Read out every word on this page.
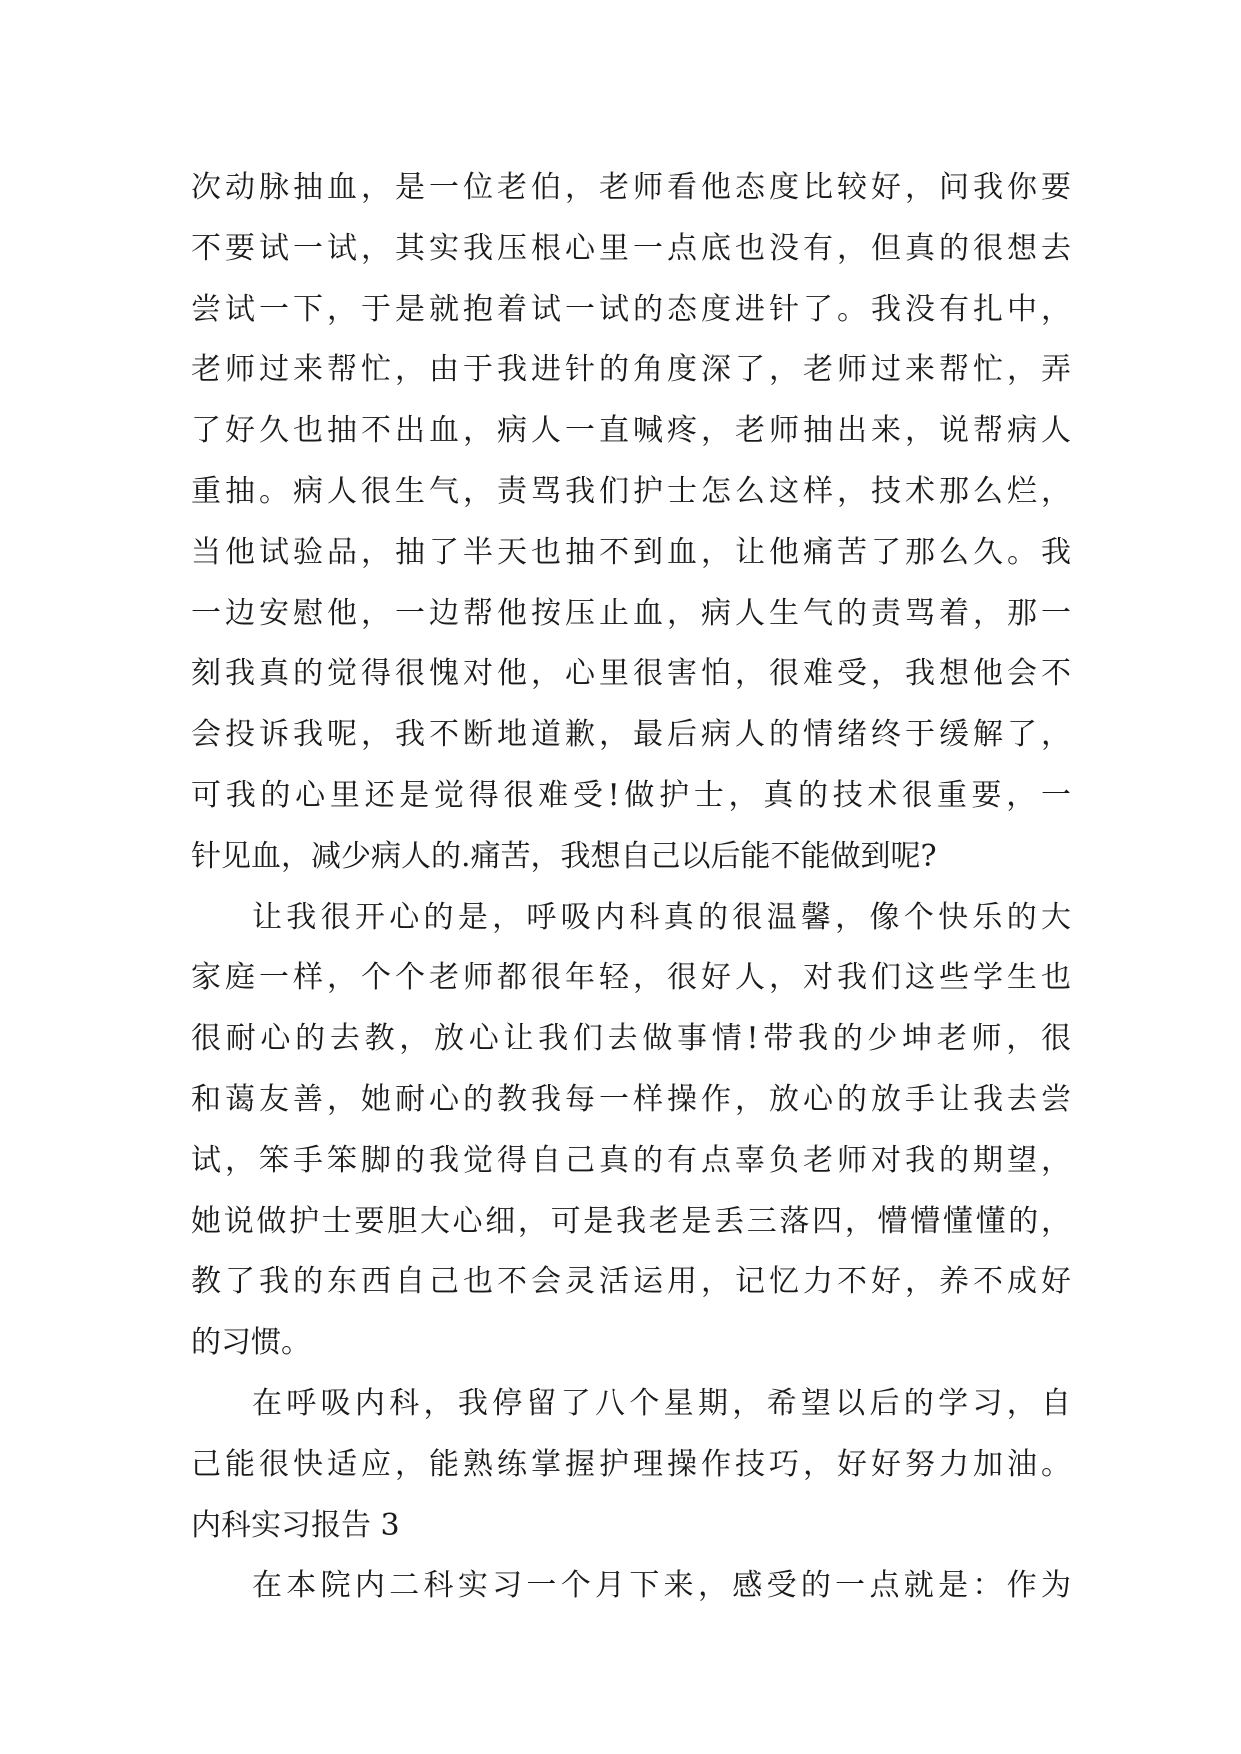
次动脉抽血，是一位老伯，老师看他态度比较好，问我你要
不要试一试，其实我压根心里一点底也没有，但真的很想去
尝试一下，于是就抱着试一试的态度进针了。我没有扎中，
老师过来帮忙，由于我进针的角度深了，老师过来帮忙，弄
了好久也抽不出血，病人一直喊疼，老师抽出来，说帮病人
重抽。病人很生气，责骂我们护士怎么这样，技术那么烂，
当他试验品，抽了半天也抽不到血，让他痛苦了那么久。我
一边安慰他，一边帮他按压止血，病人生气的责骂着，那一
刻我真的觉得很愧对他，心里很害怕，很难受，我想他会不
会投诉我呢，我不断地道歉，最后病人的情绪终于缓解了，
可我的心里还是觉得很难受!做护士，真的技术很重要，一
针见血，减少病人的.痛苦，我想自己以后能不能做到呢?
让我很开心的是，呼吸内科真的很温馨，像个快乐的大
家庭一样，个个老师都很年轻，很好人，对我们这些学生也
很耐心的去教，放心让我们去做事情!带我的少坤老师，很
和蔼友善，她耐心的教我每一样操作，放心的放手让我去尝
试，笨手笨脚的我觉得自己真的有点辜负老师对我的期望，
她说做护士要胆大心细，可是我老是丢三落四，懵懵懂懂的，
教了我的东西自己也不会灵活运用，记忆力不好，养不成好
的习惯。
在呼吸内科，我停留了八个星期，希望以后的学习，自
己能很快适应，能熟练掌握护理操作技巧，好好努力加油。
内科实习报告 3
在本院内二科实习一个月下来，感受的一点就是：作为
